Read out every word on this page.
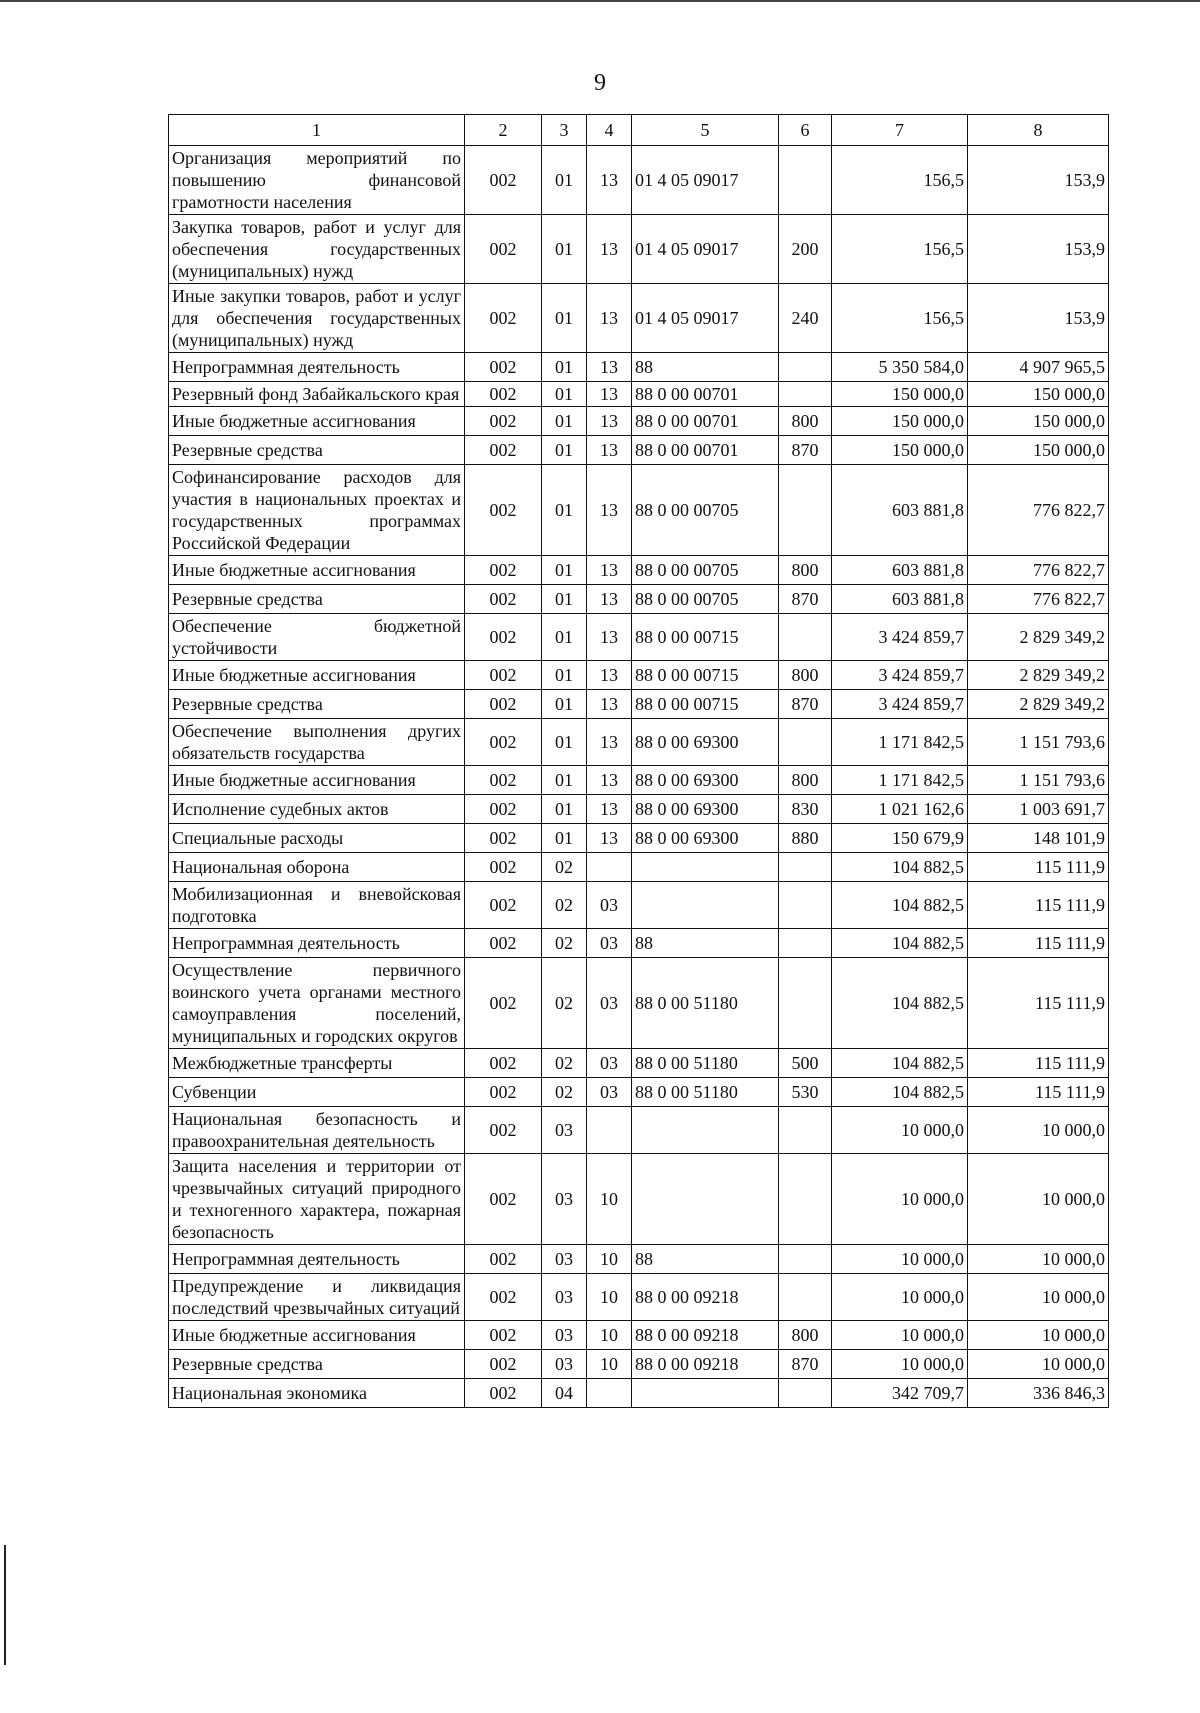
9
1	2	3	4	5	6	7	8
Организация мероприятий по повышению финансовой грамотности населения	002	01	13	01 4 05 09017		156,5	153,9
Закупка товаров, работ и услуг для обеспечения государственных (муниципальных) нужд	002	01	13	01 4 05 09017	200	156,5	153,9
Иные закупки товаров, работ и услуг для обеспечения государственных (муниципальных) нужд	002	01	13	01 4 05 09017	240	156,5	153,9
Непрограммная деятельность	002	01	13	88		5 350 584,0	4 907 965,5
Резервный фонд Забайкальского края	002	01	13	88 0 00 00701		150 000,0	150 000,0
Иные бюджетные ассигнования	002	01	13	88 0 00 00701	800	150 000,0	150 000,0
Резервные средства	002	01	13	88 0 00 00701	870	150 000,0	150 000,0
Софинансирование расходов для участия в национальных проектах и государственных программах Российской Федерации	002	01	13	88 0 00 00705		603 881,8	776 822,7
Иные бюджетные ассигнования	002	01	13	88 0 00 00705	800	603 881,8	776 822,7
Резервные средства	002	01	13	88 0 00 00705	870	603 881,8	776 822,7
Обеспечение бюджетной устойчивости	002	01	13	88 0 00 00715		3 424 859,7	2 829 349,2
Иные бюджетные ассигнования	002	01	13	88 0 00 00715	800	3 424 859,7	2 829 349,2
Резервные средства	002	01	13	88 0 00 00715	870	3 424 859,7	2 829 349,2
Обеспечение выполнения других обязательств государства	002	01	13	88 0 00 69300		1 171 842,5	1 151 793,6
Иные бюджетные ассигнования	002	01	13	88 0 00 69300	800	1 171 842,5	1 151 793,6
Исполнение судебных актов	002	01	13	88 0 00 69300	830	1 021 162,6	1 003 691,7
Специальные расходы	002	01	13	88 0 00 69300	880	150 679,9	148 101,9
Национальная оборона	002	02				104 882,5	115 111,9
Мобилизационная и вневойсковая подготовка	002	02	03			104 882,5	115 111,9
Непрограммная деятельность	002	02	03	88		104 882,5	115 111,9
Осуществление первичного воинского учета органами местного самоуправления поселений, муниципальных и городских округов	002	02	03	88 0 00 51180		104 882,5	115 111,9
Межбюджетные трансферты	002	02	03	88 0 00 51180	500	104 882,5	115 111,9
Субвенции	002	02	03	88 0 00 51180	530	104 882,5	115 111,9
Национальная безопасность и правоохранительная деятельность	002	03				10 000,0	10 000,0
Защита населения и территории от чрезвычайных ситуаций природного и техногенного характера, пожарная безопасность	002	03	10			10 000,0	10 000,0
Непрограммная деятельность	002	03	10	88		10 000,0	10 000,0
Предупреждение и ликвидация последствий чрезвычайных ситуаций	002	03	10	88 0 00 09218		10 000,0	10 000,0
Иные бюджетные ассигнования	002	03	10	88 0 00 09218	800	10 000,0	10 000,0
Резервные средства	002	03	10	88 0 00 09218	870	10 000,0	10 000,0
Национальная экономика	002	04				342 709,7	336 846,3
